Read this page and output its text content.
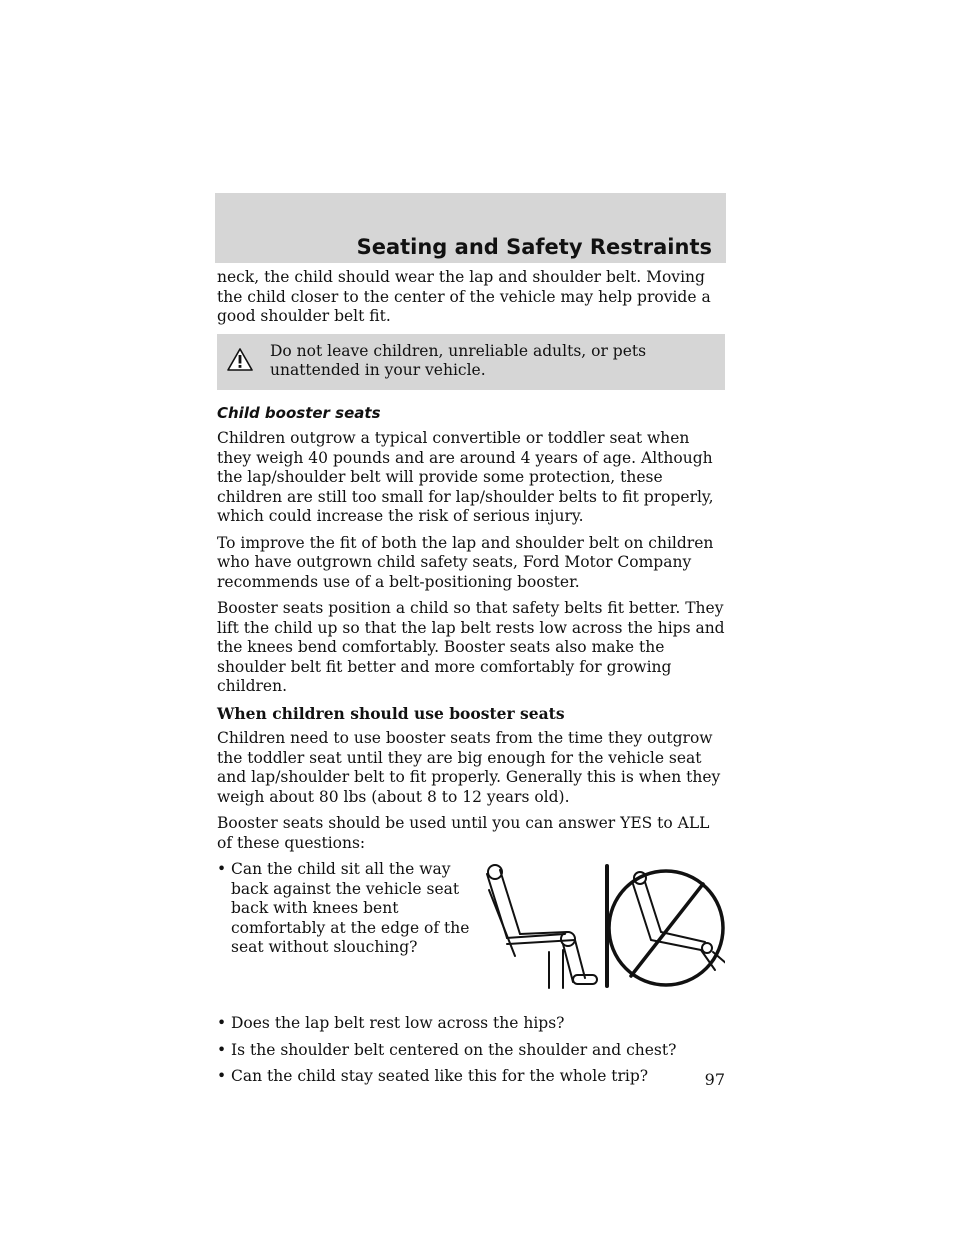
Seating and Safety Restraints

neck, the child should wear the lap and shoulder belt. Moving the child closer to the center of the vehicle may help provide a good shoulder belt fit.

Do not leave children, unreliable adults, or pets unattended in your vehicle.
Child booster seats

Children outgrow a typical convertible or toddler seat when they weigh 40 pounds and are around 4 years of age. Although the lap/shoulder belt will provide some protection, these children are still too small for lap/shoulder belts to fit properly, which could increase the risk of serious injury.

To improve the fit of both the lap and shoulder belt on children who have outgrown child safety seats, Ford Motor Company recommends use of a belt-positioning booster.

Booster seats position a child so that safety belts fit better. They lift the child up so that the lap belt rests low across the hips and the knees bend comfortably. Booster seats also make the shoulder belt fit better and more comfortably for growing children.

When children should use booster seats

Children need to use booster seats from the time they outgrow the toddler seat until they are big enough for the vehicle seat and lap/shoulder belt to fit properly. Generally this is when they weigh about 80 lbs (about 8 to 12 years old).

Booster seats should be used until you can answer YES to ALL of these questions:

• Can the child sit all the way back against the vehicle seat back with knees bent comfortably at the edge of the seat without slouching?
• Does the lap belt rest low across the hips?
• Is the shoulder belt centered on the shoulder and chest?
• Can the child stay seated like this for the whole trip?	97
